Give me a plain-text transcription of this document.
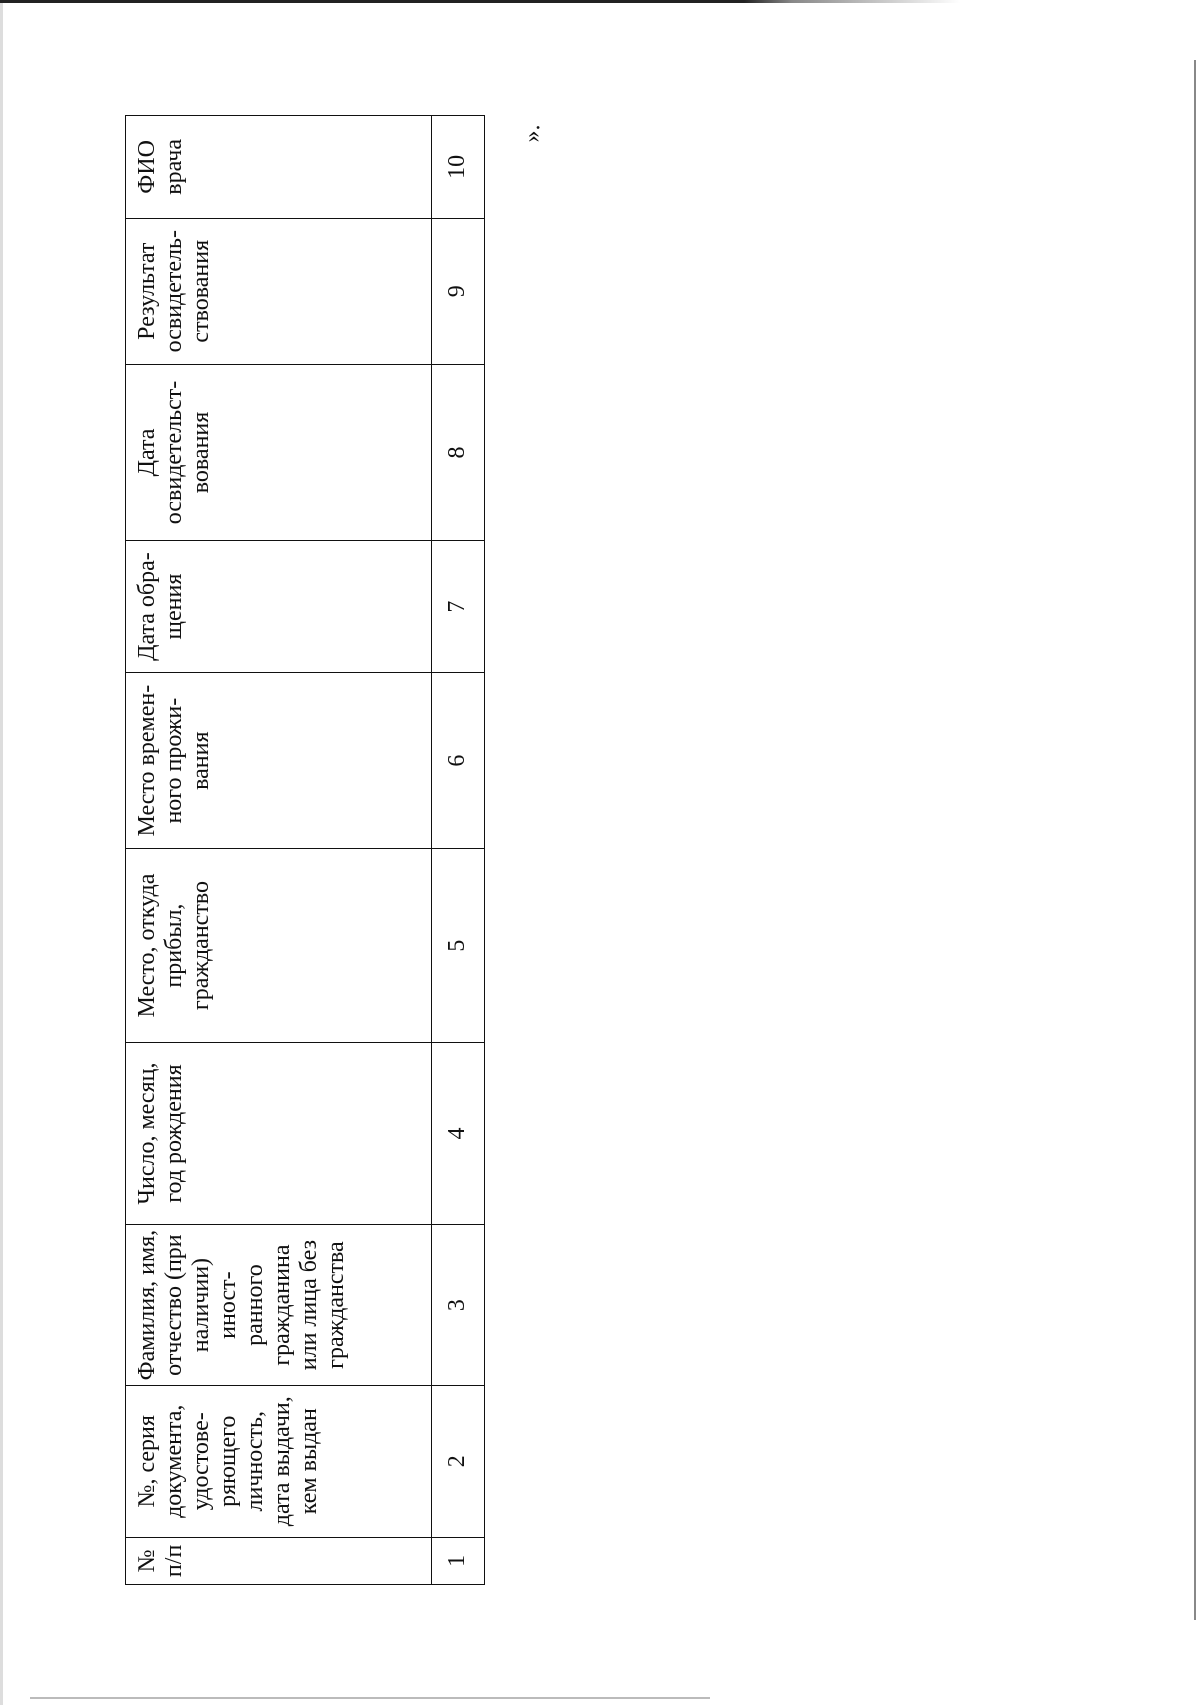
№ п/п	№, серия документа, удостове- ряющего личность, дата выдачи, кем выдан	Фамилия, имя, отчество (при наличии) иност- ранного гражданина или лица без гражданства	Число, месяц, год рождения	Место, откуда прибыл, гражданство	Место времен- ного прожи- вания	Дата обра- щения	Дата освидетельст- вования	Результат освидетель- ствования	ФИО врача

1	2	3	4	5	6	7	8	9	10
».
